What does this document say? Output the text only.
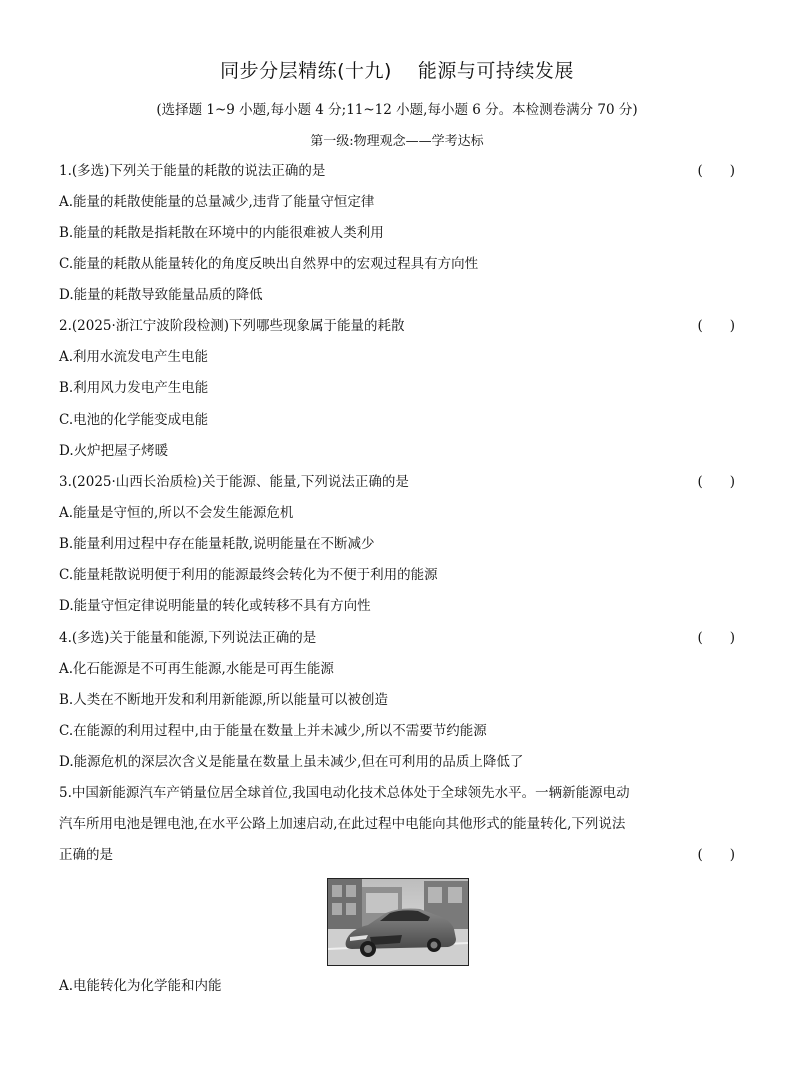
同步分层精练(十九) 能源与可持续发展
(选择题 1~9 小题,每小题 4 分;11~12 小题,每小题 6 分。本检测卷满分 70 分)
第一级:物理观念——学考达标
1.(多选)下列关于能量的耗散的说法正确的是	(　　)
A.能量的耗散使能量的总量减少,违背了能量守恒定律
B.能量的耗散是指耗散在环境中的内能很难被人类利用
C.能量的耗散从能量转化的角度反映出自然界中的宏观过程具有方向性
D.能量的耗散导致能量品质的降低
2.(2025·浙江宁波阶段检测)下列哪些现象属于能量的耗散	(　　)
A.利用水流发电产生电能
B.利用风力发电产生电能
C.电池的化学能变成电能
D.火炉把屋子烤暖
3.(2025·山西长治质检)关于能源、能量,下列说法正确的是	(　　)
A.能量是守恒的,所以不会发生能源危机
B.能量利用过程中存在能量耗散,说明能量在不断减少
C.能量耗散说明便于利用的能源最终会转化为不便于利用的能源
D.能量守恒定律说明能量的转化或转移不具有方向性
4.(多选)关于能量和能源,下列说法正确的是	(　　)
A.化石能源是不可再生能源,水能是可再生能源
B.人类在不断地开发和利用新能源,所以能量可以被创造
C.在能源的利用过程中,由于能量在数量上并未减少,所以不需要节约能源
D.能源危机的深层次含义是能量在数量上虽未减少,但在可利用的品质上降低了
5.中国新能源汽车产销量位居全球首位,我国电动化技术总体处于全球领先水平。一辆新能源电动
汽车所用电池是锂电池,在水平公路上加速启动,在此过程中电能向其他形式的能量转化,下列说法
正确的是	(　　)
A.电能转化为化学能和内能
